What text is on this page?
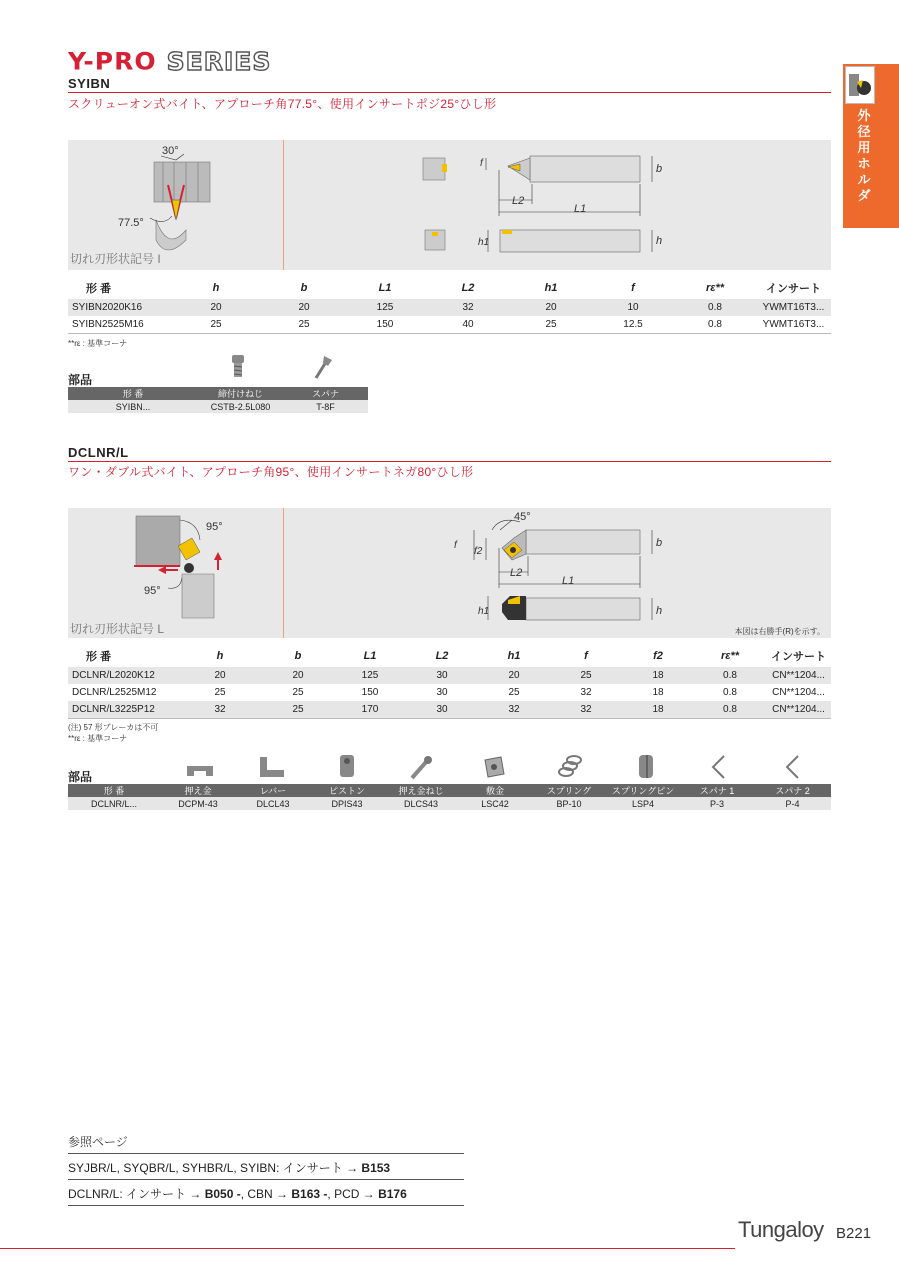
Y-PRO SERIES
外径用ホルダ
SYIBN
スクリューオン式バイト、アプローチ角77.5°、使用インサートポジ25°ひし形
30°
77.5°
f	b
L2
L1
h1	h
切れ刃形状記号 I
形 番	h	b	L1	L2	h1	f	rε**	インサート
SYIBN2020K16	20	20	125	32	20	10	0.8	YWMT16T3...
SYIBN2525M16	25	25	150	40	25	12.5	0.8	YWMT16T3...
**rε : 基準コーナ
部品
形 番	締付けねじ	スパナ
SYIBN...	CSTB-2.5L080	T-8F
DCLNR/L
ワン・ダブル式バイト、アプローチ角95°、使用インサートネガ80°ひし形
95°
95°
45°
f
f2
b
L2
L1
h1	h
切れ刃形状記号 L	本図は右勝手(R)を示す。
形 番	h	b	L1	L2	h1	f	f2	rε**	インサート
DCLNR/L2020K12	20	20	125	30	20	25	18	0.8	CN**1204...
DCLNR/L2525M12	25	25	150	30	25	32	18	0.8	CN**1204...
DCLNR/L3225P12	32	25	170	30	32	32	18	0.8	CN**1204...
(注) 57 形ブレーカは不可
**rε : 基準コーナ
部品
形 番	押え金	レバー	ピストン	押え金ねじ	敷金	スプリング	スプリングピン	スパナ 1	スパナ 2
DCLNR/L...	DCPM-43	DLCL43	DPIS43	DLCS43	LSC42	BP-10	LSP4	P-3	P-4
参照ページ
SYJBR/L, SYQBR/L, SYHBR/L, SYIBN: インサート → B153
DCLNR/L: インサート → B050 -, CBN → B163 -, PCD → B176
Tungaloy B221
